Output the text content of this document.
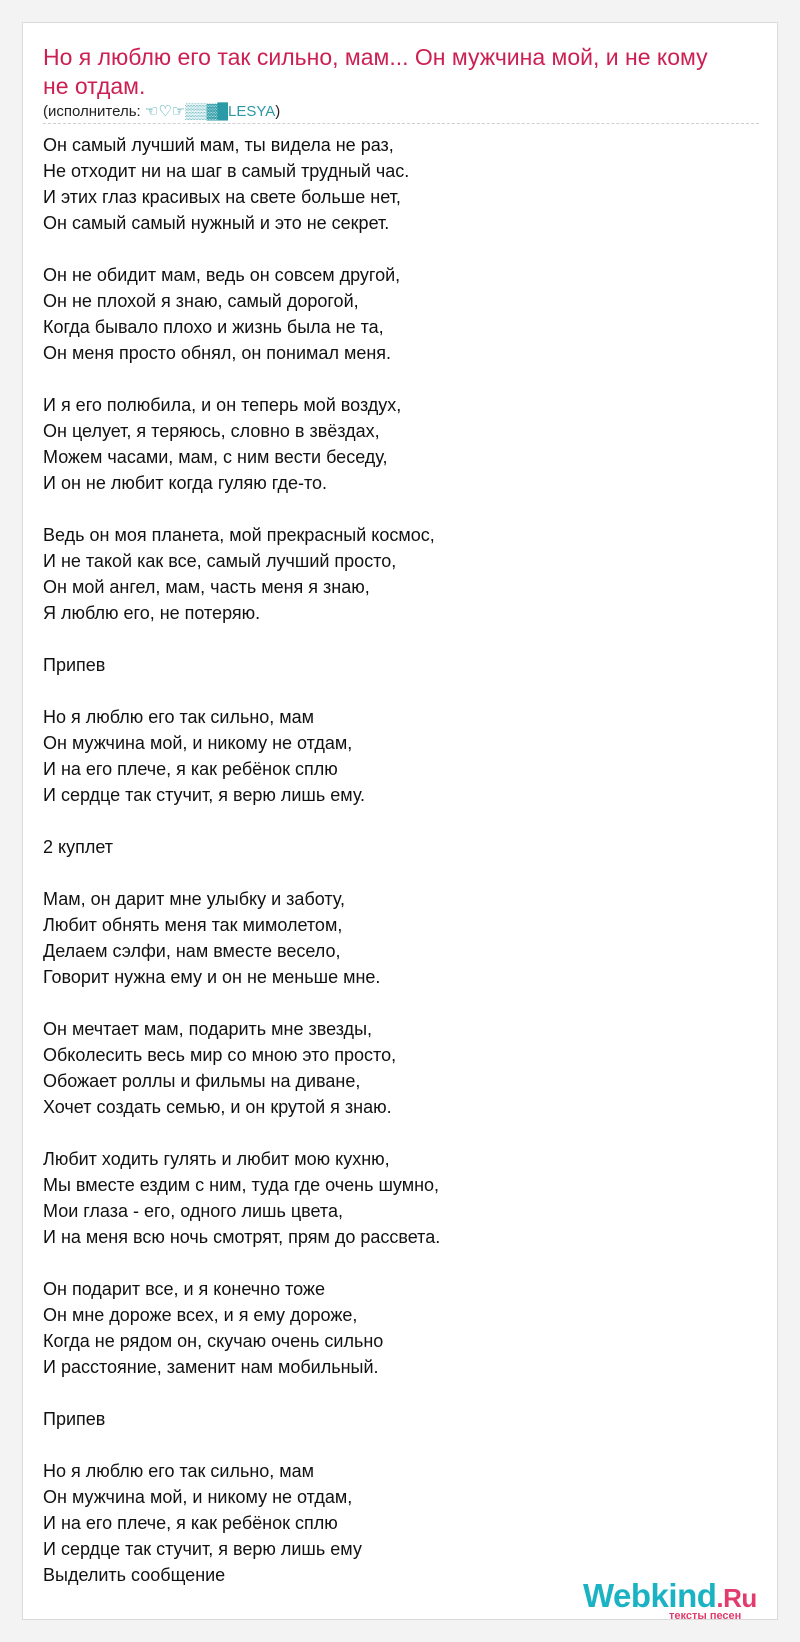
Но я люблю его так сильно, мам... Он мужчина мой, и не кому не отдам.
(исполнитель: ☜♡☞▒▒▓█LESYA)
Он самый лучший мам, ты видела не раз,
Не отходит ни на шаг в самый трудный час.
И этих глаз красивых на свете больше нет,
Он самый самый нужный и это не секрет.
Он не обидит мам, ведь он совсем другой,
Он не плохой я знаю, самый дорогой,
Когда бывало плохо и жизнь была не та,
Он меня просто обнял, он понимал меня.
И я его полюбила, и он теперь мой воздух,
Он целует, я теряюсь, словно в звёздах,
Можем часами, мам, с ним вести беседу,
И он не любит когда гуляю где-то.
Ведь он моя планета, мой прекрасный космос,
И не такой как все, самый лучший просто,
Он мой ангел, мам, часть меня я знаю,
Я люблю его, не потеряю.
Припев
Но я люблю его так сильно, мам
Он мужчина мой, и никому не отдам,
И на его плече, я как ребёнок сплю
И сердце так стучит, я верю лишь ему.
2 куплет
Мам, он дарит мне улыбку и заботу,
Любит обнять меня так мимолетом,
Делаем сэлфи, нам вместе весело,
Говорит нужна ему и он не меньше мне.
Он мечтает мам, подарить мне звезды,
Обколесить весь мир со мною это просто,
Обожает роллы и фильмы на диване,
Хочет создать семью, и он крутой я знаю.
Любит ходить гулять и любит мою кухню,
Мы вместе ездим с ним, туда где очень шумно,
Мои глаза - его, одного лишь цвета,
И на меня всю ночь смотрят, прям до рассвета.
Он подарит все, и я конечно тоже
Он мне дороже всех, и я ему дороже,
Когда не рядом он, скучаю очень сильно
И расстояние, заменит нам мобильный.
Припев
Но я люблю его так сильно, мам
Он мужчина мой, и никому не отдам,
И на его плече, я как ребёнок сплю
И сердце так стучит, я верю лишь ему
Выделить сообщение
Webkind.Ru
тексты песен
